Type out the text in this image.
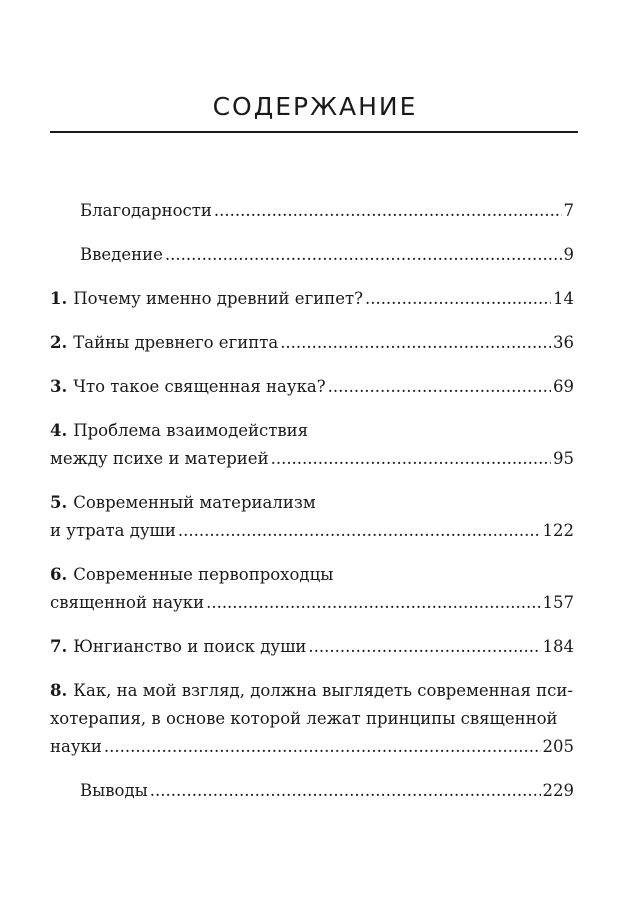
СОДЕРЖАНИЕ
Благодарности .....	7
Введение .....	9
1. Почему именно древний египет? .....	14
2. Тайны древнего египта .....	36
3. Что такое священная наука? .....	69
4. Проблема взаимодействия
между психе и материей .....	95
5. Современный материализм
и утрата души .....	122
6. Современные первопроходцы
священной науки .....	157
7. Юнгианство и поиск души .....	184
8. Как, на мой взгляд, должна выглядеть современная пси-
хотерапия, в основе которой лежат принципы священной
науки .....	205
Выводы .....	229
